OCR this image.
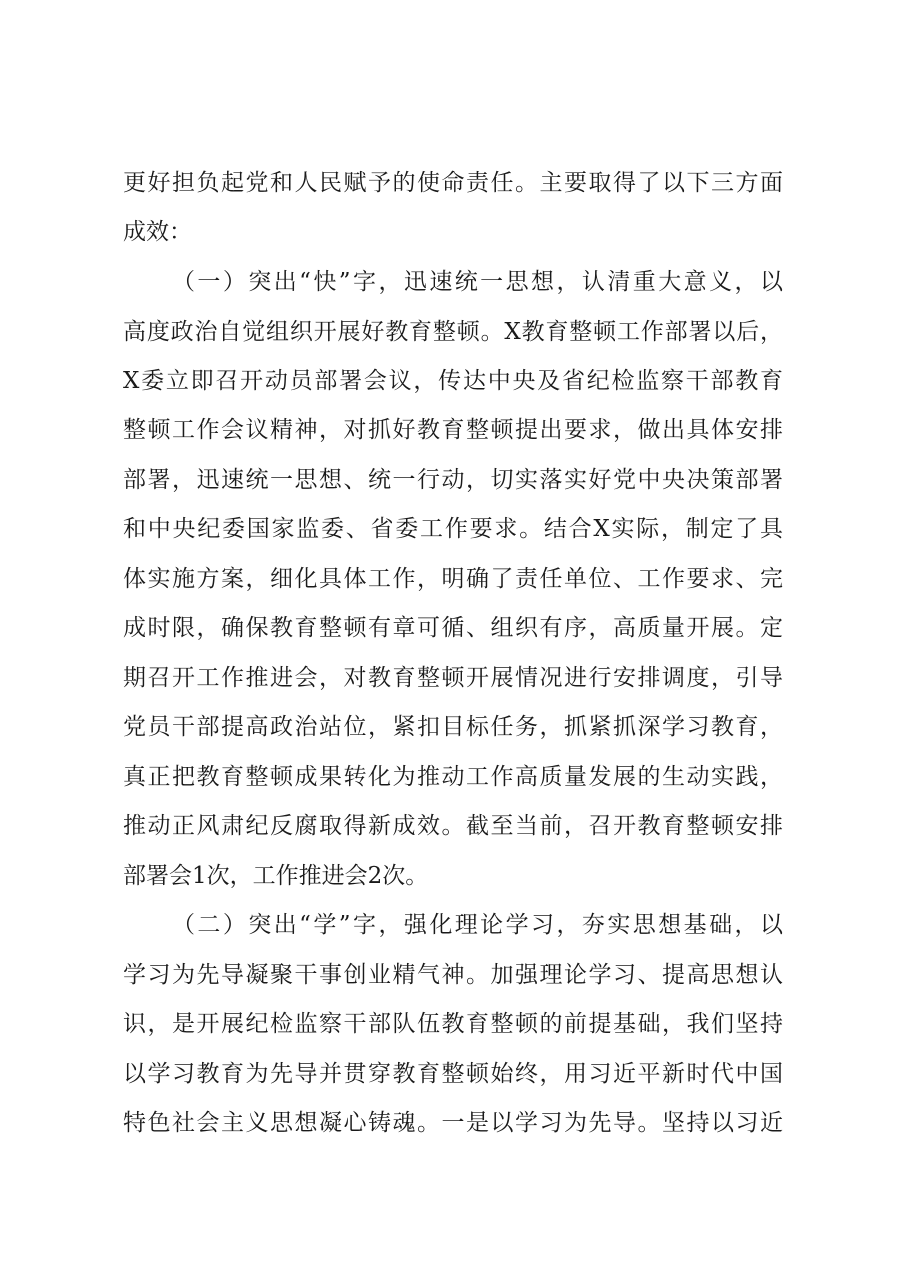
更好担负起党和人民赋予的使命责任。主要取得了以下三方面
成效：
（一）突出“快”字，迅速统一思想，认清重大意义，以
高度政治自觉组织开展好教育整顿。X教育整顿工作部署以后，
X委立即召开动员部署会议，传达中央及省纪检监察干部教育
整顿工作会议精神，对抓好教育整顿提出要求，做出具体安排
部署，迅速统一思想、统一行动，切实落实好党中央决策部署
和中央纪委国家监委、省委工作要求。结合X实际，制定了具
体实施方案，细化具体工作，明确了责任单位、工作要求、完
成时限，确保教育整顿有章可循、组织有序，高质量开展。定
期召开工作推进会，对教育整顿开展情况进行安排调度，引导
党员干部提高政治站位，紧扣目标任务，抓紧抓深学习教育，
真正把教育整顿成果转化为推动工作高质量发展的生动实践，
推动正风肃纪反腐取得新成效。截至当前，召开教育整顿安排
部署会1次，工作推进会2次。
（二）突出“学”字，强化理论学习，夯实思想基础，以
学习为先导凝聚干事创业精气神。加强理论学习、提高思想认
识，是开展纪检监察干部队伍教育整顿的前提基础，我们坚持
以学习教育为先导并贯穿教育整顿始终，用习近平新时代中国
特色社会主义思想凝心铸魂。一是以学习为先导。坚持以习近
